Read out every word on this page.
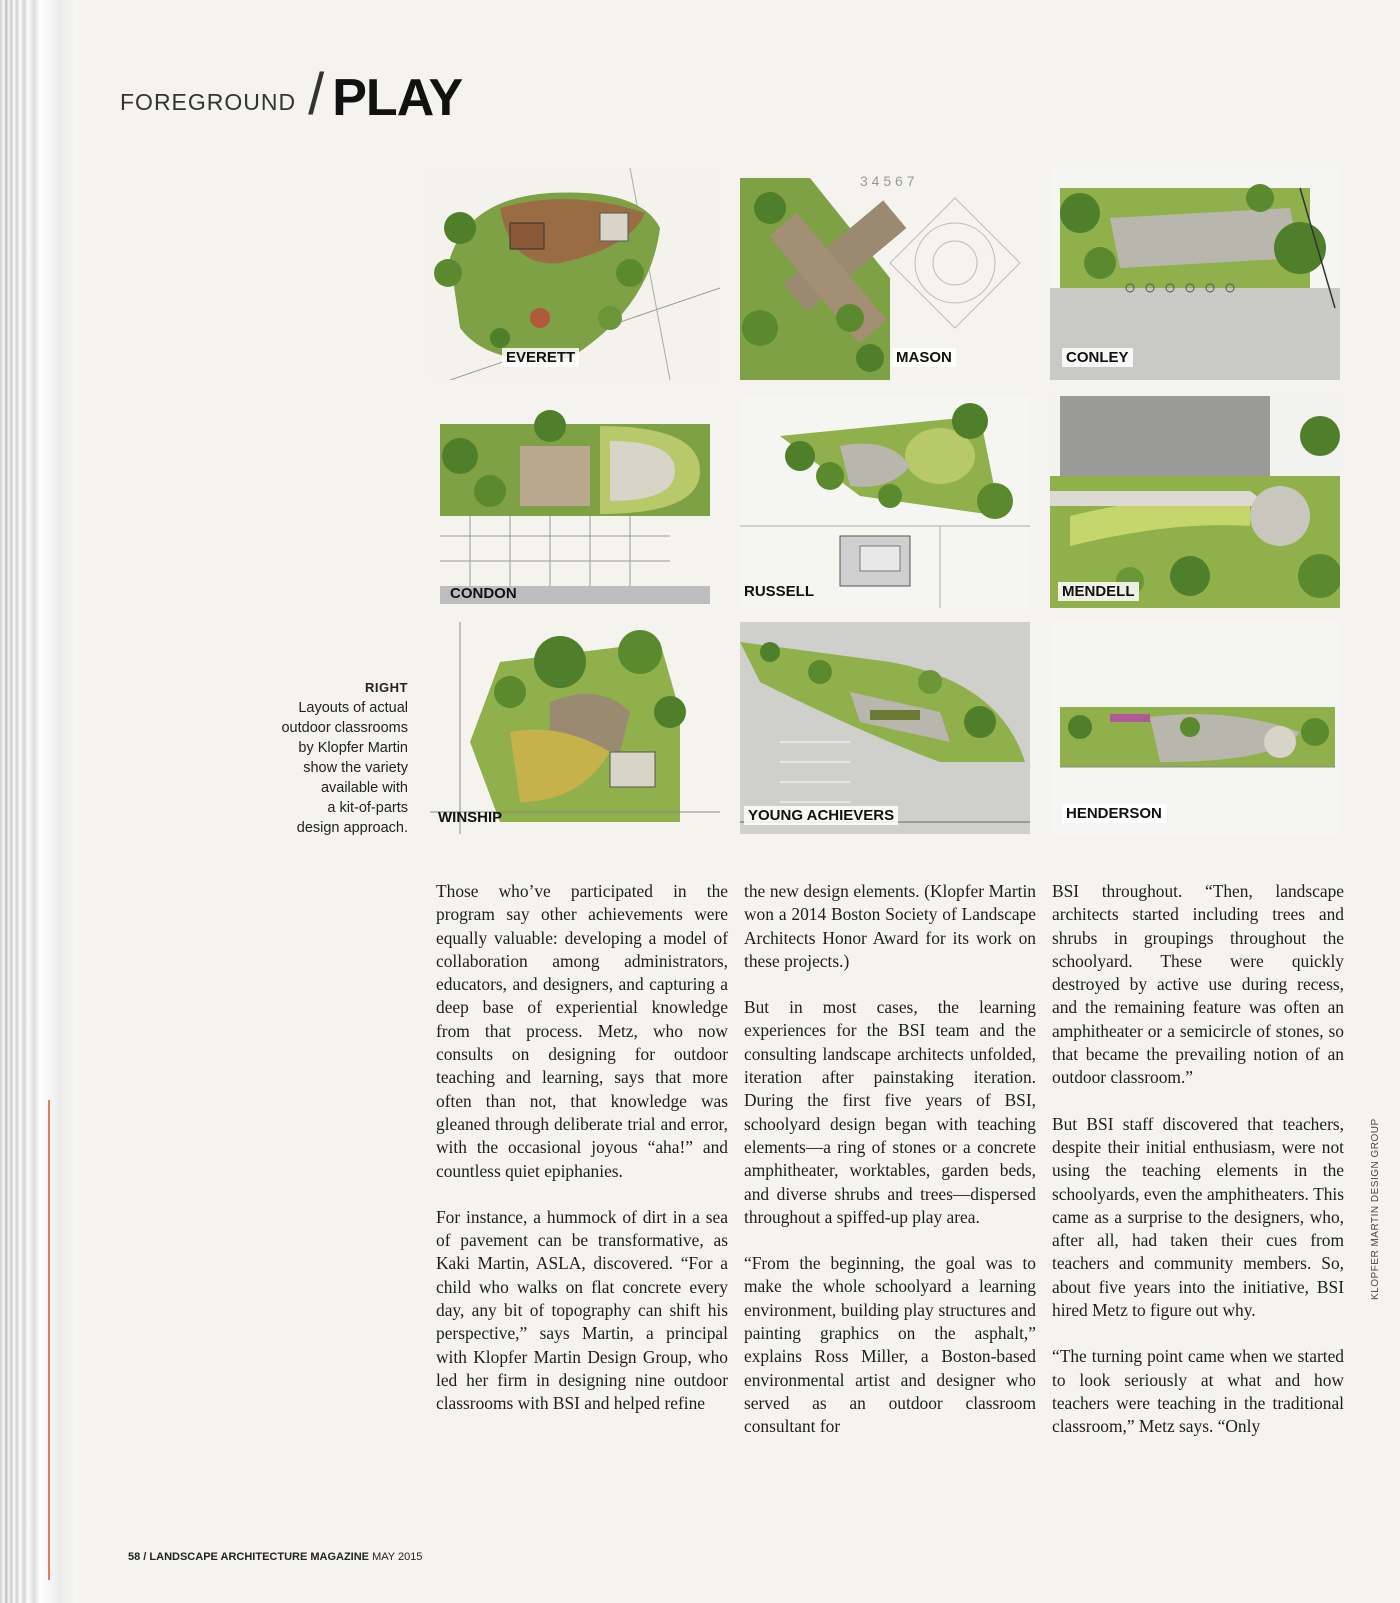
FOREGROUND / PLAY
EVERETT
3 4 5 6 7
MASON	CONLEY
CONDON	RUSSELL	MENDELL
WINSHIP	YOUNG ACHIEVERS	HENDERSON
RIGHT
Layouts of actual
outdoor classrooms
by Klopfer Martin
show the variety
available with
a kit-of-parts
design approach.

Those who’ve participated in the program say other achievements were equally valuable: developing a model of collaboration among administrators, educators, and designers, and capturing a deep base of experiential knowledge from that process. Metz, who now consults on designing for outdoor teaching and learning, says that more often than not, that knowledge was gleaned through deliberate trial and error, with the occasional joyous “aha!” and countless quiet epiphanies.

For instance, a hummock of dirt in a sea of pavement can be transformative, as Kaki Martin, ASLA, discovered. “For a child who walks on flat concrete every day, any bit of topography can shift his perspective,” says Martin, a principal with Klopfer Martin Design Group, who led her firm in designing nine outdoor classrooms with BSI and helped refine

the new design elements. (Klopfer Martin won a 2014 Boston Society of Landscape Architects Honor Award for its work on these projects.)

But in most cases, the learning experiences for the BSI team and the consulting landscape architects unfolded, iteration after painstaking iteration. During the first five years of BSI, schoolyard design began with teaching elements—a ring of stones or a concrete amphitheater, worktables, garden beds, and diverse shrubs and trees—dispersed throughout a spiffed-up play area.

“From the beginning, the goal was to make the whole schoolyard a learning environment, building play structures and painting graphics on the asphalt,” explains Ross Miller, a Boston-based environmental artist and designer who served as an outdoor classroom consultant for

BSI throughout. “Then, landscape architects started including trees and shrubs in groupings throughout the schoolyard. These were quickly destroyed by active use during recess, and the remaining feature was often an amphitheater or a semicircle of stones, so that became the prevailing notion of an outdoor classroom.”

But BSI staff discovered that teachers, despite their initial enthusiasm, were not using the teaching elements in the schoolyards, even the amphitheaters. This came as a surprise to the designers, who, after all, had taken their cues from teachers and community members. So, about five years into the initiative, BSI hired Metz to figure out why.

“The turning point came when we started to look seriously at what and how teachers were teaching in the traditional classroom,” Metz says. “Only

KLOPFER MARTIN DESIGN GROUP
58 / LANDSCAPE ARCHITECTURE MAGAZINE MAY 2015
